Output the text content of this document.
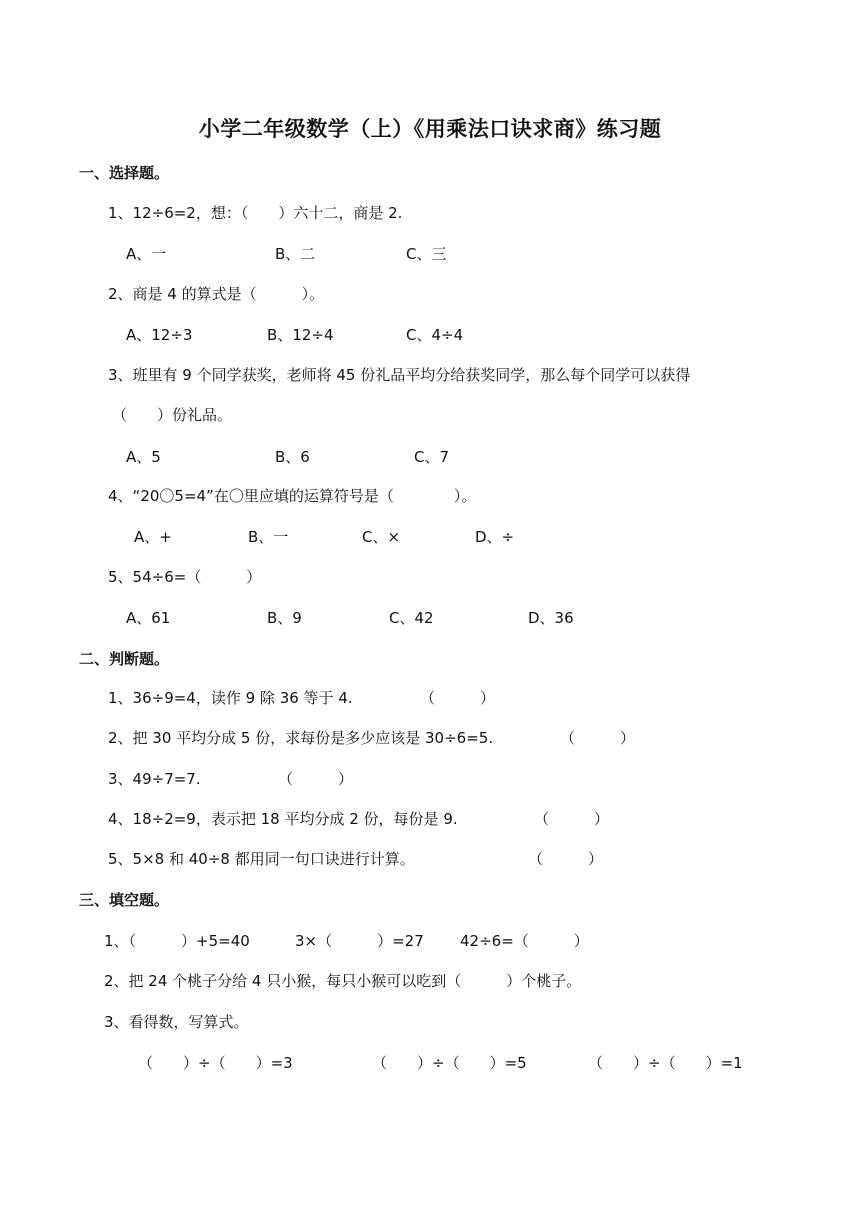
小学二年级数学（上）《用乘法口诀求商》练习题
一、选择题。
1、12÷6=2，想：（　　）六十二，商是 2.
A、一	B、二	C、三
2、商是 4 的算式是（　　　）。
A、12÷3	B、12÷4	C、4÷4
3、班里有 9 个同学获奖，老师将 45 份礼品平均分给获奖同学，那么每个同学可以获得
（　　）份礼品。
A、5	B、6	C、7
4、“20〇5=4”在〇里应填的运算符号是（　　　　）。
A、+	B、一	C、×	D、÷
5、54÷6=（　　　）
A、61	B、9	C、42	D、36
二、判断题。
1、36÷9=4，读作 9 除 36 等于 4.	（　　　）
2、把 30 平均分成 5 份，求每份是多少应该是 30÷6=5.	（　　　）
3、49÷7=7.	（　　　）
4、18÷2=9，表示把 18 平均分成 2 份，每份是 9.	（　　　）
5、5×8 和 40÷8 都用同一句口诀进行计算。	（　　　）
三、填空题。
1、（　　　）+5=40	3×（　　　）=27 42÷6=（　　　）
2、把 24 个桃子分给 4 只小猴，每只小猴可以吃到（　　　）个桃子。
3、看得数，写算式。
（　　）÷（　　）=3	（　　）÷（　　）=5	（　　）÷（　　）=1
